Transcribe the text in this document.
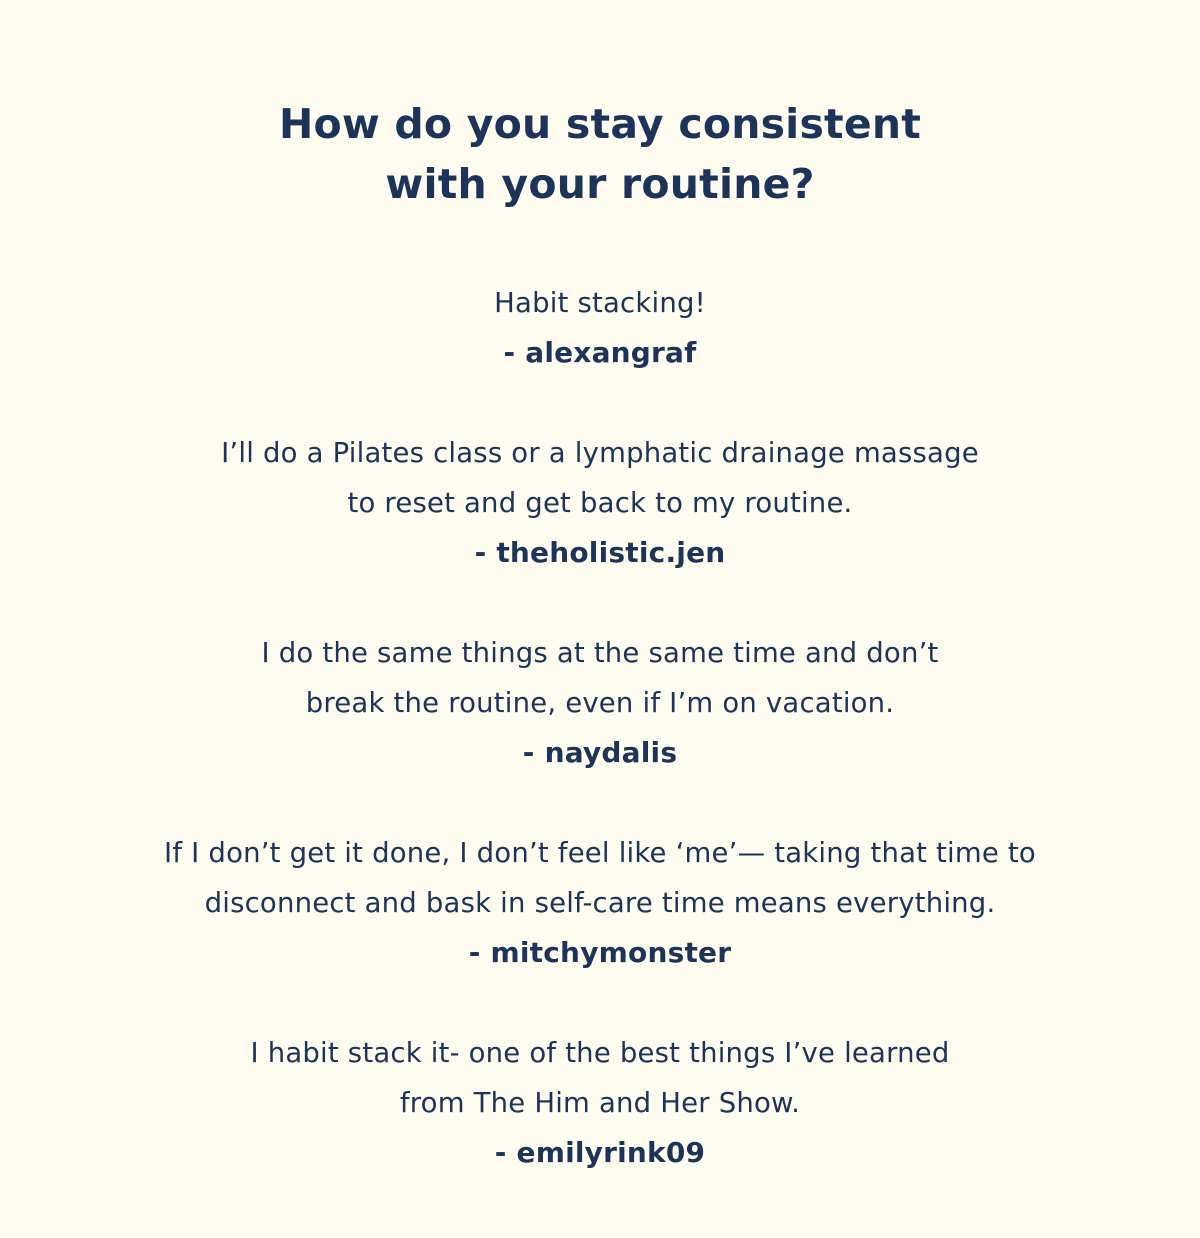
How do you stay consistent
with your routine?

Habit stacking!

- alexangraf

I’ll do a Pilates class or a lymphatic drainage massage
to reset and get back to my routine.

- theholistic.jen

I do the same things at the same time and don’t
break the routine, even if I’m on vacation.

- naydalis

If I don’t get it done, I don’t feel like ‘me’— taking that time to
disconnect and bask in self-care time means everything.

- mitchymonster

I habit stack it- one of the best things I’ve learned
from The Him and Her Show.

- emilyrink09
